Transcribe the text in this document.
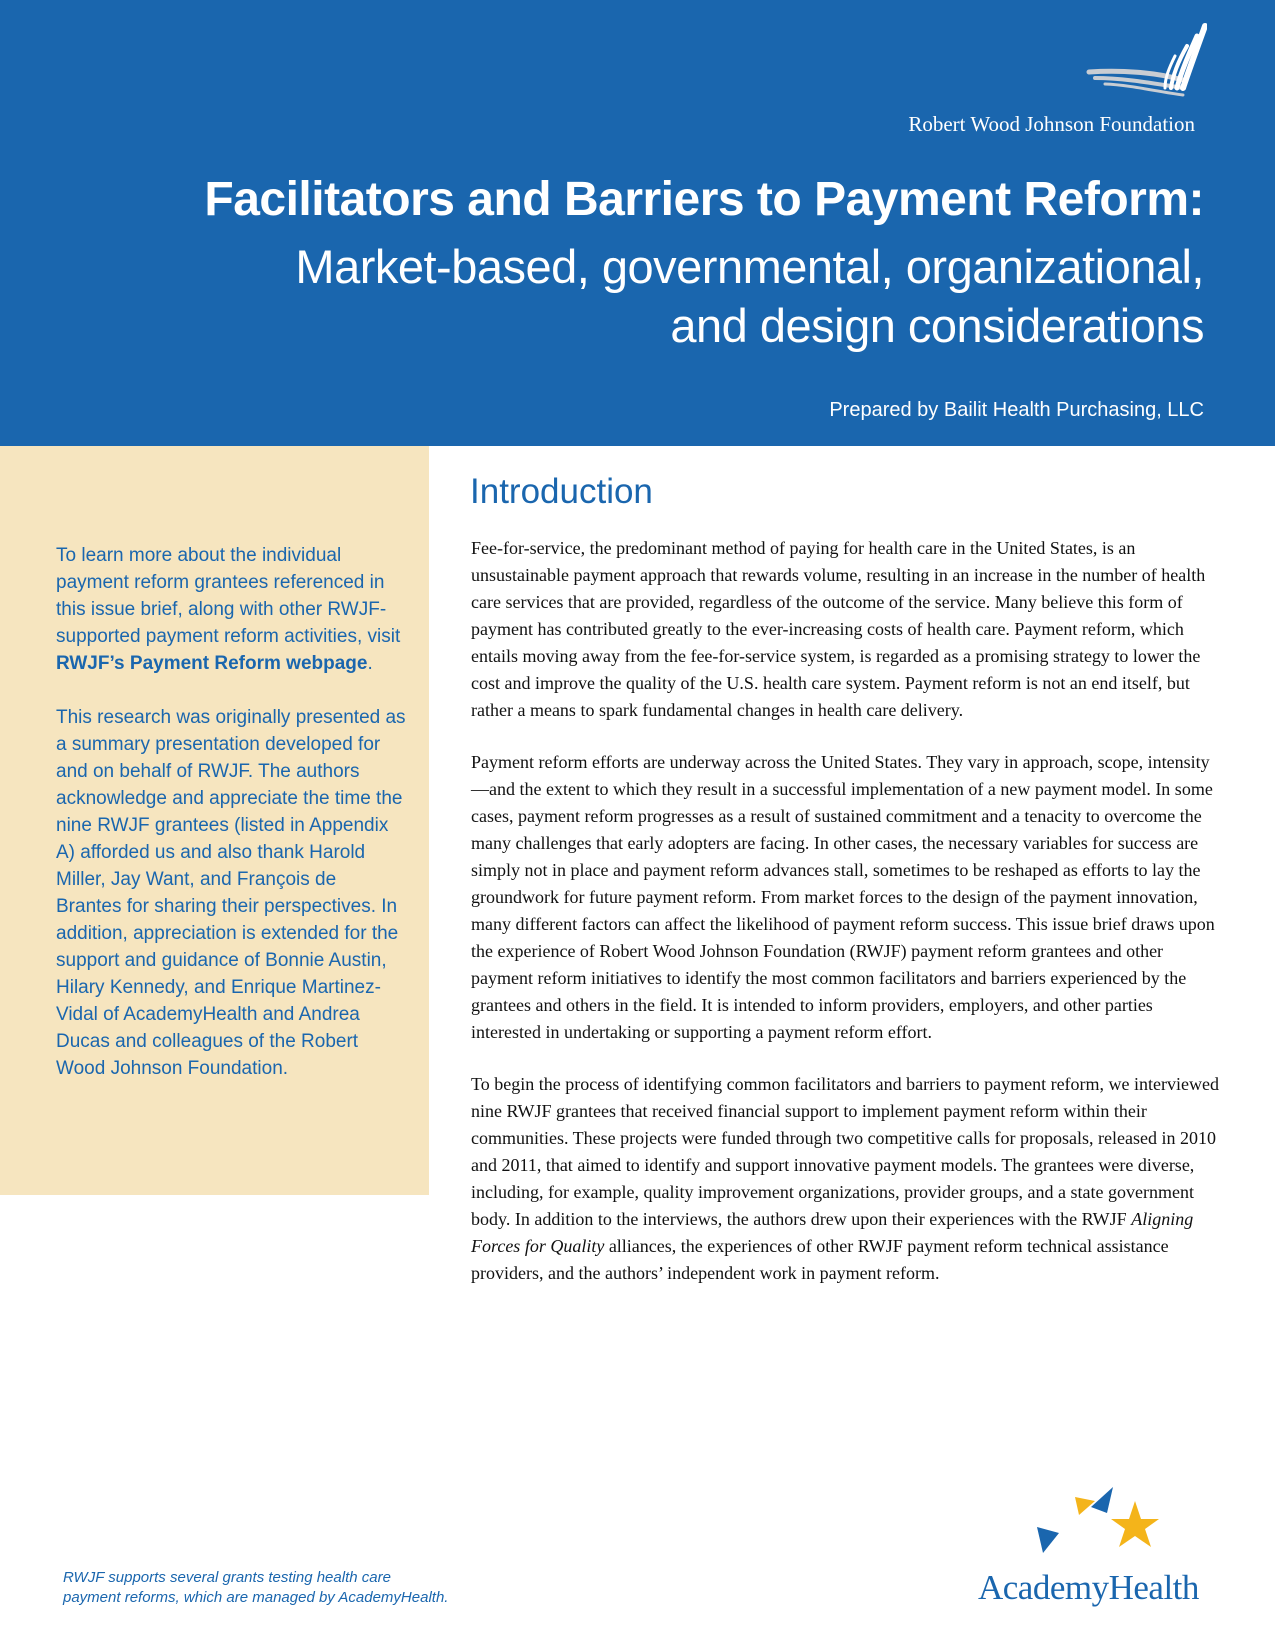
Robert Wood Johnson Foundation
Facilitators and Barriers to Payment Reform:
Market-based, governmental, organizational,
and design considerations
Prepared by Bailit Health Purchasing, LLC

To learn more about the individual payment reform grantees referenced in this issue brief, along with other RWJF-supported payment reform activities, visit RWJF’s Payment Reform webpage.

This research was originally presented as a summary presentation developed for and on behalf of RWJF. The authors acknowledge and appreciate the time the nine RWJF grantees (listed in Appendix A) afforded us and also thank Harold Miller, Jay Want, and François de Brantes for sharing their perspectives. In addition, appreciation is extended for the support and guidance of Bonnie Austin, Hilary Kennedy, and Enrique Martinez-Vidal of AcademyHealth and Andrea Ducas and colleagues of the Robert Wood Johnson Foundation.

Introduction

Fee-for-service, the predominant method of paying for health care in the United States, is an unsustainable payment approach that rewards volume, resulting in an increase in the number of health care services that are provided, regardless of the outcome of the service. Many believe this form of payment has contributed greatly to the ever-increasing costs of health care. Payment reform, which entails moving away from the fee-for-service system, is regarded as a promising strategy to lower the cost and improve the quality of the U.S. health care system. Payment reform is not an end itself, but rather a means to spark fundamental changes in health care delivery.

Payment reform efforts are underway across the United States. They vary in approach, scope, intensity—and the extent to which they result in a successful implementation of a new payment model. In some cases, payment reform progresses as a result of sustained commitment and a tenacity to overcome the many challenges that early adopters are facing. In other cases, the necessary variables for success are simply not in place and payment reform advances stall, sometimes to be reshaped as efforts to lay the groundwork for future payment reform. From market forces to the design of the payment innovation, many different factors can affect the likelihood of payment reform success. This issue brief draws upon the experience of Robert Wood Johnson Foundation (RWJF) payment reform grantees and other payment reform initiatives to identify the most common facilitators and barriers experienced by the grantees and others in the field. It is intended to inform providers, employers, and other parties interested in undertaking or supporting a payment reform effort.

To begin the process of identifying common facilitators and barriers to payment reform, we interviewed nine RWJF grantees that received financial support to implement payment reform within their communities. These projects were funded through two competitive calls for proposals, released in 2010 and 2011, that aimed to identify and support innovative payment models. The grantees were diverse, including, for example, quality improvement organizations, provider groups, and a state government body. In addition to the interviews, the authors drew upon their experiences with the RWJF Aligning Forces for Quality alliances, the experiences of other RWJF payment reform technical assistance providers, and the authors’ independent work in payment reform.

RWJF supports several grants testing health care
payment reforms, which are managed by AcademyHealth.	AcademyHealth
